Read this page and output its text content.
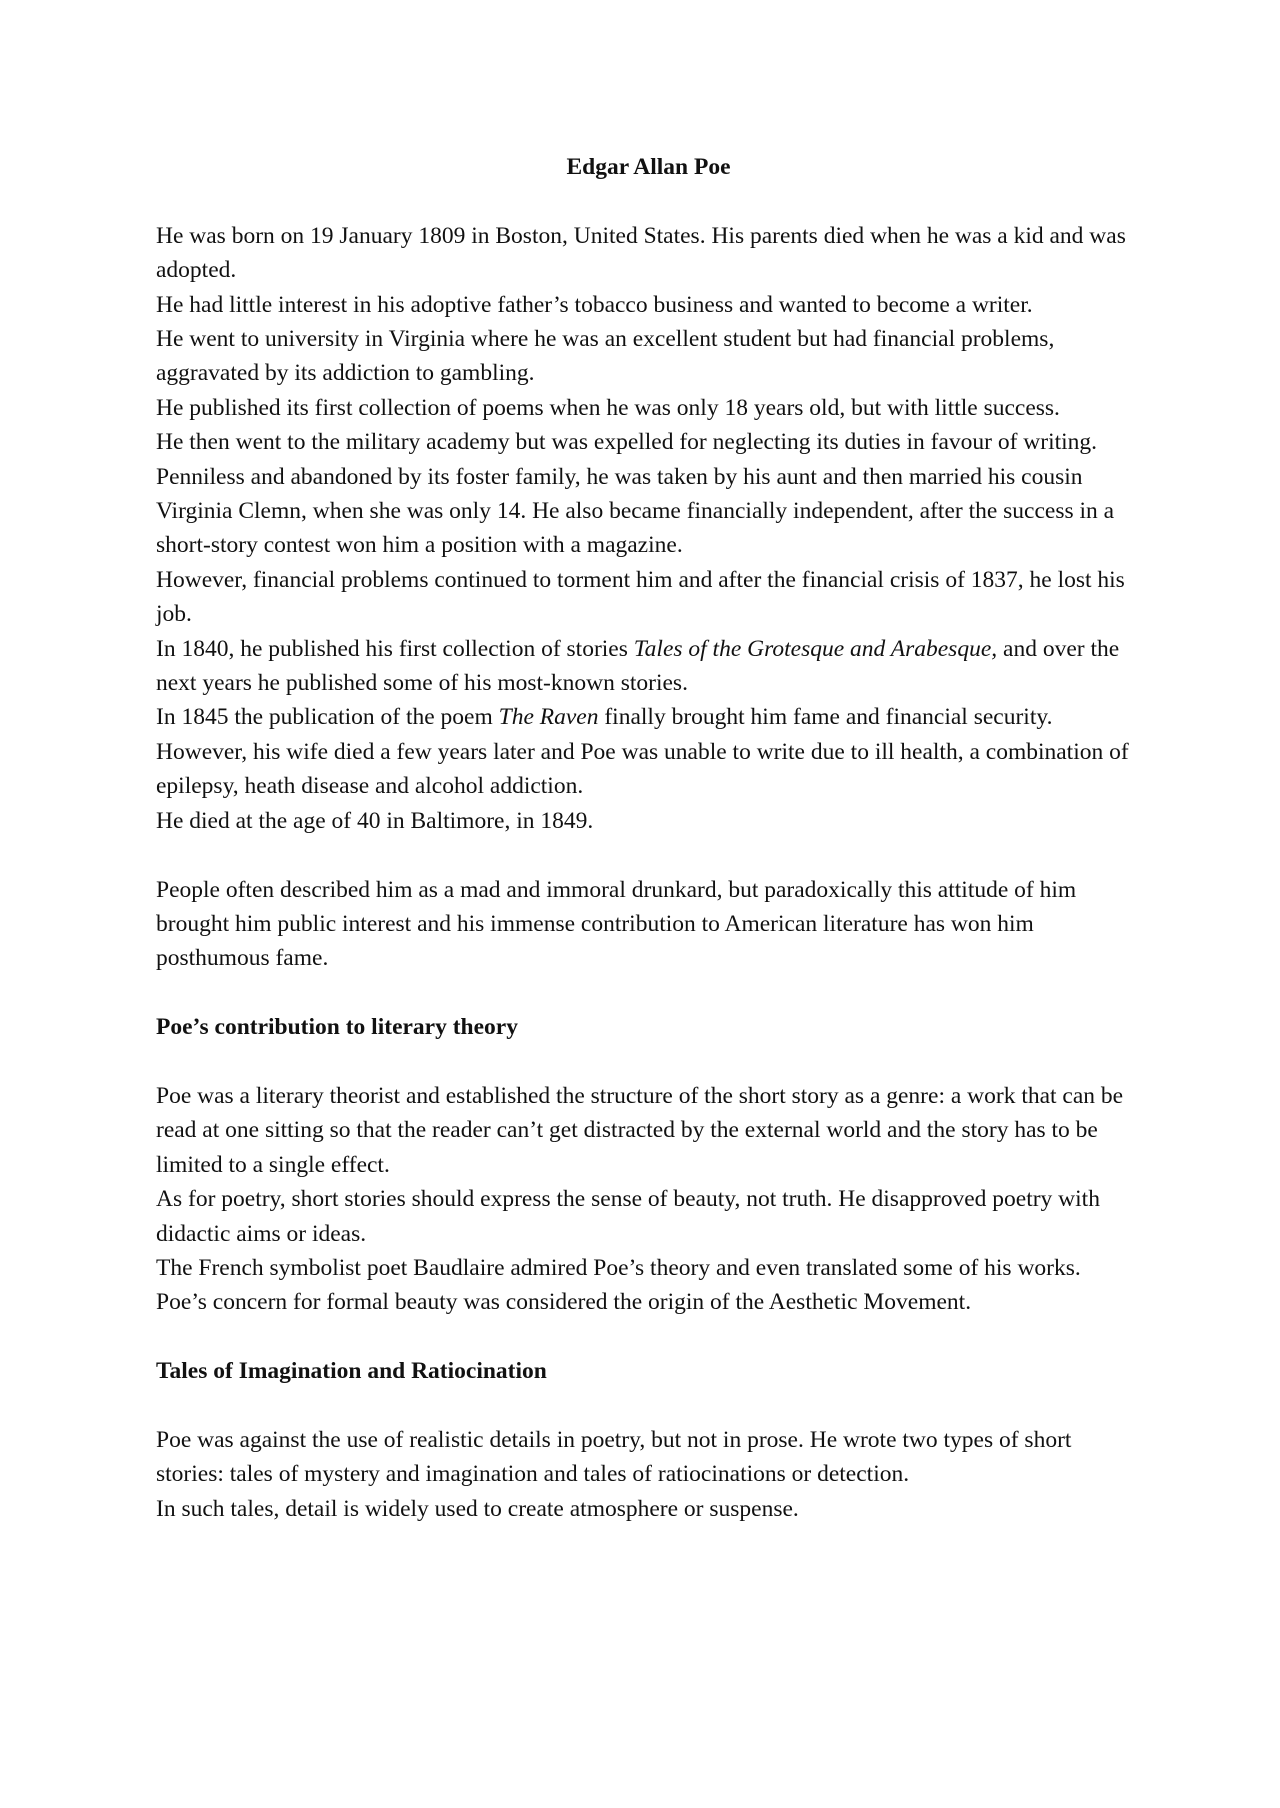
Edgar Allan Poe

He was born on 19 January 1809 in Boston, United States. His parents died when he was a kid and was adopted.

He had little interest in his adoptive father’s tobacco business and wanted to become a writer.

He went to university in Virginia where he was an excellent student but had financial problems, aggravated by its addiction to gambling.

He published its first collection of poems when he was only 18 years old, but with little success.

He then went to the military academy but was expelled for neglecting its duties in favour of writing.

Penniless and abandoned by its foster family, he was taken by his aunt and then married his cousin Virginia Clemn, when she was only 14. He also became financially independent, after the success in a short-story contest won him a position with a magazine.

However, financial problems continued to torment him and after the financial crisis of 1837, he lost his job.

In 1840, he published his first collection of stories Tales of the Grotesque and Arabesque, and over the next years he published some of his most-known stories.

In 1845 the publication of the poem The Raven finally brought him fame and financial security.

However, his wife died a few years later and Poe was unable to write due to ill health, a combination of epilepsy, heath disease and alcohol addiction.

He died at the age of 40 in Baltimore, in 1849.

People often described him as a mad and immoral drunkard, but paradoxically this attitude of him brought him public interest and his immense contribution to American literature has won him posthumous fame.

Poe’s contribution to literary theory

Poe was a literary theorist and established the structure of the short story as a genre: a work that can be read at one sitting so that the reader can’t get distracted by the external world and the story has to be limited to a single effect.

As for poetry, short stories should express the sense of beauty, not truth. He disapproved poetry with didactic aims or ideas.

The French symbolist poet Baudlaire admired Poe’s theory and even translated some of his works.

Poe’s concern for formal beauty was considered the origin of the Aesthetic Movement.

Tales of Imagination and Ratiocination

Poe was against the use of realistic details in poetry, but not in prose. He wrote two types of short stories: tales of mystery and imagination and tales of ratiocinations or detection.

In such tales, detail is widely used to create atmosphere or suspense.
